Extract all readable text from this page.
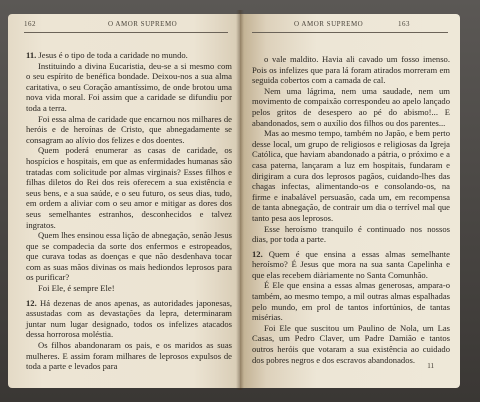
162	O AMOR SUPREMO

11. Jesus é o tipo de toda a caridade no mundo.

Instituindo a divina Eucaristia, deu-se a si mesmo com o seu espírito de benéfica bondade. Deixou-nos a sua alma caritativa, o seu Coração amantíssimo, de onde brotou uma nova vida moral. Foi assim que a caridade se difundiu por toda a terra.

Foi essa alma de caridade que encarnou nos milhares de heróis e de heroínas de Cristo, que abnegadamente se consagram ao alívio dos felizes e dos doentes.

Quem poderá enumerar as casas de caridade, os hospícios e hospitais, em que as enfermidades humanas são tratadas com solicitude por almas virginais? Esses filhos e filhas diletos do Rei dos reis oferecem a sua existência e seus bens, e a sua saúde, e o seu futuro, os seus dias, tudo, em ordem a aliviar com o seu amor e mitigar as dores dos seus semelhantes estranhos, desconhecidos e talvez ingratos.

Quem lhes ensinou essa lição de abnegação, senão Jesus que se compadecia da sorte dos enfermos e estropeados, que curava todas as doenças e que não desdenhava tocar com as suas mãos divinas os mais hediondos leprosos para os purificar?

Foi Ele, é sempre Ele!

12. Há dezenas de anos apenas, as autoridades japonesas, assustadas com as devastações da lepra, determinaram juntar num lugar designado, todos os infelizes atacados dessa horrorosa moléstia.

Os filhos abandonaram os pais, e os maridos as suas mulheres. E assim foram milhares de leprosos expulsos de toda a parte e levados para

O AMOR SUPREMO	163

o vale maldito. Havia ali cavado um fosso imenso. Pois os infelizes que para lá foram atirados morreram em seguida cobertos com a camada de cal.

Nem uma lágrima, nem uma saudade, nem um movimento de compaixão correspondeu ao apelo lançado pelos gritos de desespero ao pé do abismo!... E abandonados, sem o auxílio dos filhos ou dos parentes...

Mas ao mesmo tempo, também no Japão, e bem perto desse local, um grupo de religiosos e religiosas da Igreja Católica, que haviam abandonado a pátria, o próximo e a casa paterna, lançaram a luz em hospitais, fundaram e dirigiram a cura dos leprosos pagãos, cuidando-lhes das chagas infectas, alimentando-os e consolando-os, na firme e inabalável persuasão, cada um, em recompensa de tanta abnegação, de contrair um dia o terrível mal que tanto pesa aos leprosos.

Esse heroísmo tranquilo é continuado nos nossos dias, por toda a parte.

12. Quem é que ensina a essas almas semelhante heroísmo? É Jesus que mora na sua santa Capelinha e que elas recebem diàriamente no Santa Comunhão.

É Ele que ensina a essas almas generosas, ampara-o também, ao mesmo tempo, a mil outras almas espalhadas pelo mundo, em prol de tantos infortúnios, de tantas misérias.

Foi Ele que suscitou um Paulino de Nola, um Las Casas, um Pedro Claver, um Padre Damião e tantos outros heróis que votaram a sua existência ao cuidado dos pobres negros e dos escravos abandonados.

11
